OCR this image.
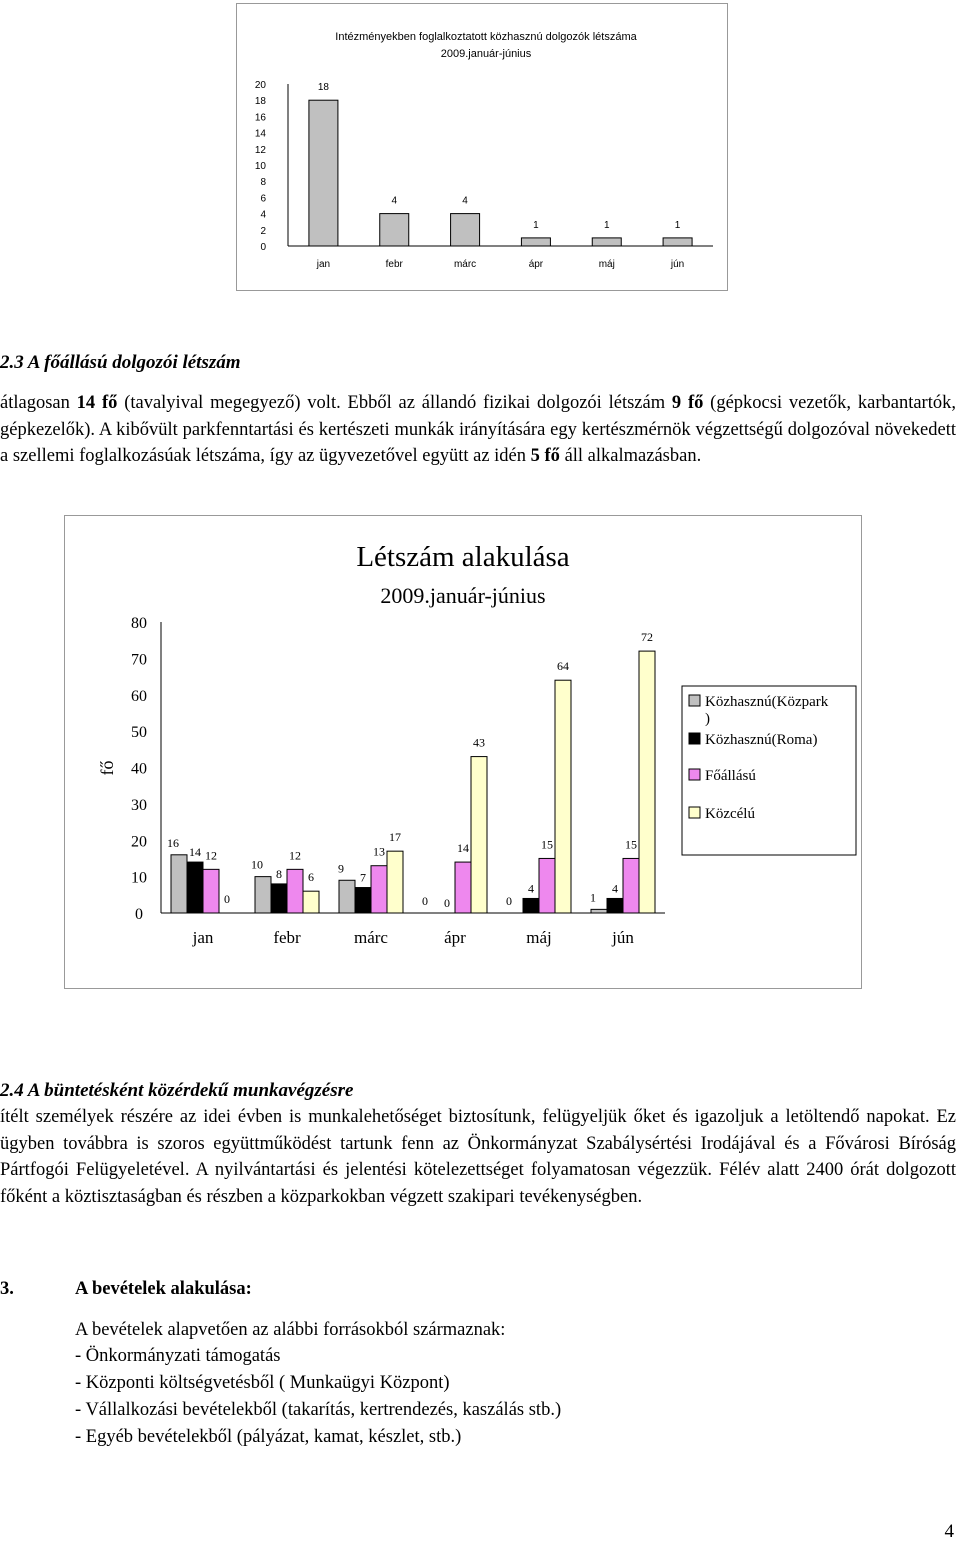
Intézményekben foglalkoztatott közhasznú dolgozók létszáma
2009.január-június
20
18
16
14
12
10
8
6
4
2
0
18
jan
4
febr
4
márc
1
ápr
1
máj
1
jún
2.3 A főállású dolgozói létszám
átlagosan 14 fő (tavalyival megegyező) volt. Ebből az állandó fizikai dolgozói létszám 9 fő (gépkocsi vezetők, karbantartók, gépkezelők). A kibővült parkfenntartási és kertészeti munkák irányítására egy kertészmérnök végzettségű dolgozóval növekedett a szellemi foglalkozásúak létszáma, így az ügyvezetővel együtt az idén 5 fő áll alkalmazásban.
Létszám alakulása
2009.január-június
fő
80
70
60
50
40
30
20
10
0
16
14 12
0
jan
10
8
12
6
febr
9
7
13
17
márc
0 0
14
43
ápr
0
4
15
64
máj
1
4
15
72
jún
Közhasznú(Közpark
)
Közhasznú(Roma)
Főállású
Közcélú
2.4 A büntetésként közérdekű munkavégzésre
ítélt személyek részére az idei évben is munkalehetőséget biztosítunk, felügyeljük őket és igazoljuk a letöltendő napokat. Ez ügyben továbbra is szoros együttműködést tartunk fenn az Önkormányzat Szabálysértési Irodájával és a Fővárosi Bíróság Pártfogói Felügyeletével. A nyilvántartási és jelentési kötelezettséget folyamatosan végezzük. Félév alatt 2400 órát dolgozott főként a köztisztaságban és részben a közparkokban végzett szakipari tevékenységben.
3.	A bevételek alakulása:
A bevételek alapvetően az alábbi forrásokból származnak:
- Önkormányzati támogatás
- Központi költségvetésből ( Munkaügyi Központ)
- Vállalkozási bevételekből (takarítás, kertrendezés, kaszálás stb.)
- Egyéb bevételekből (pályázat, kamat, készlet, stb.)
4
